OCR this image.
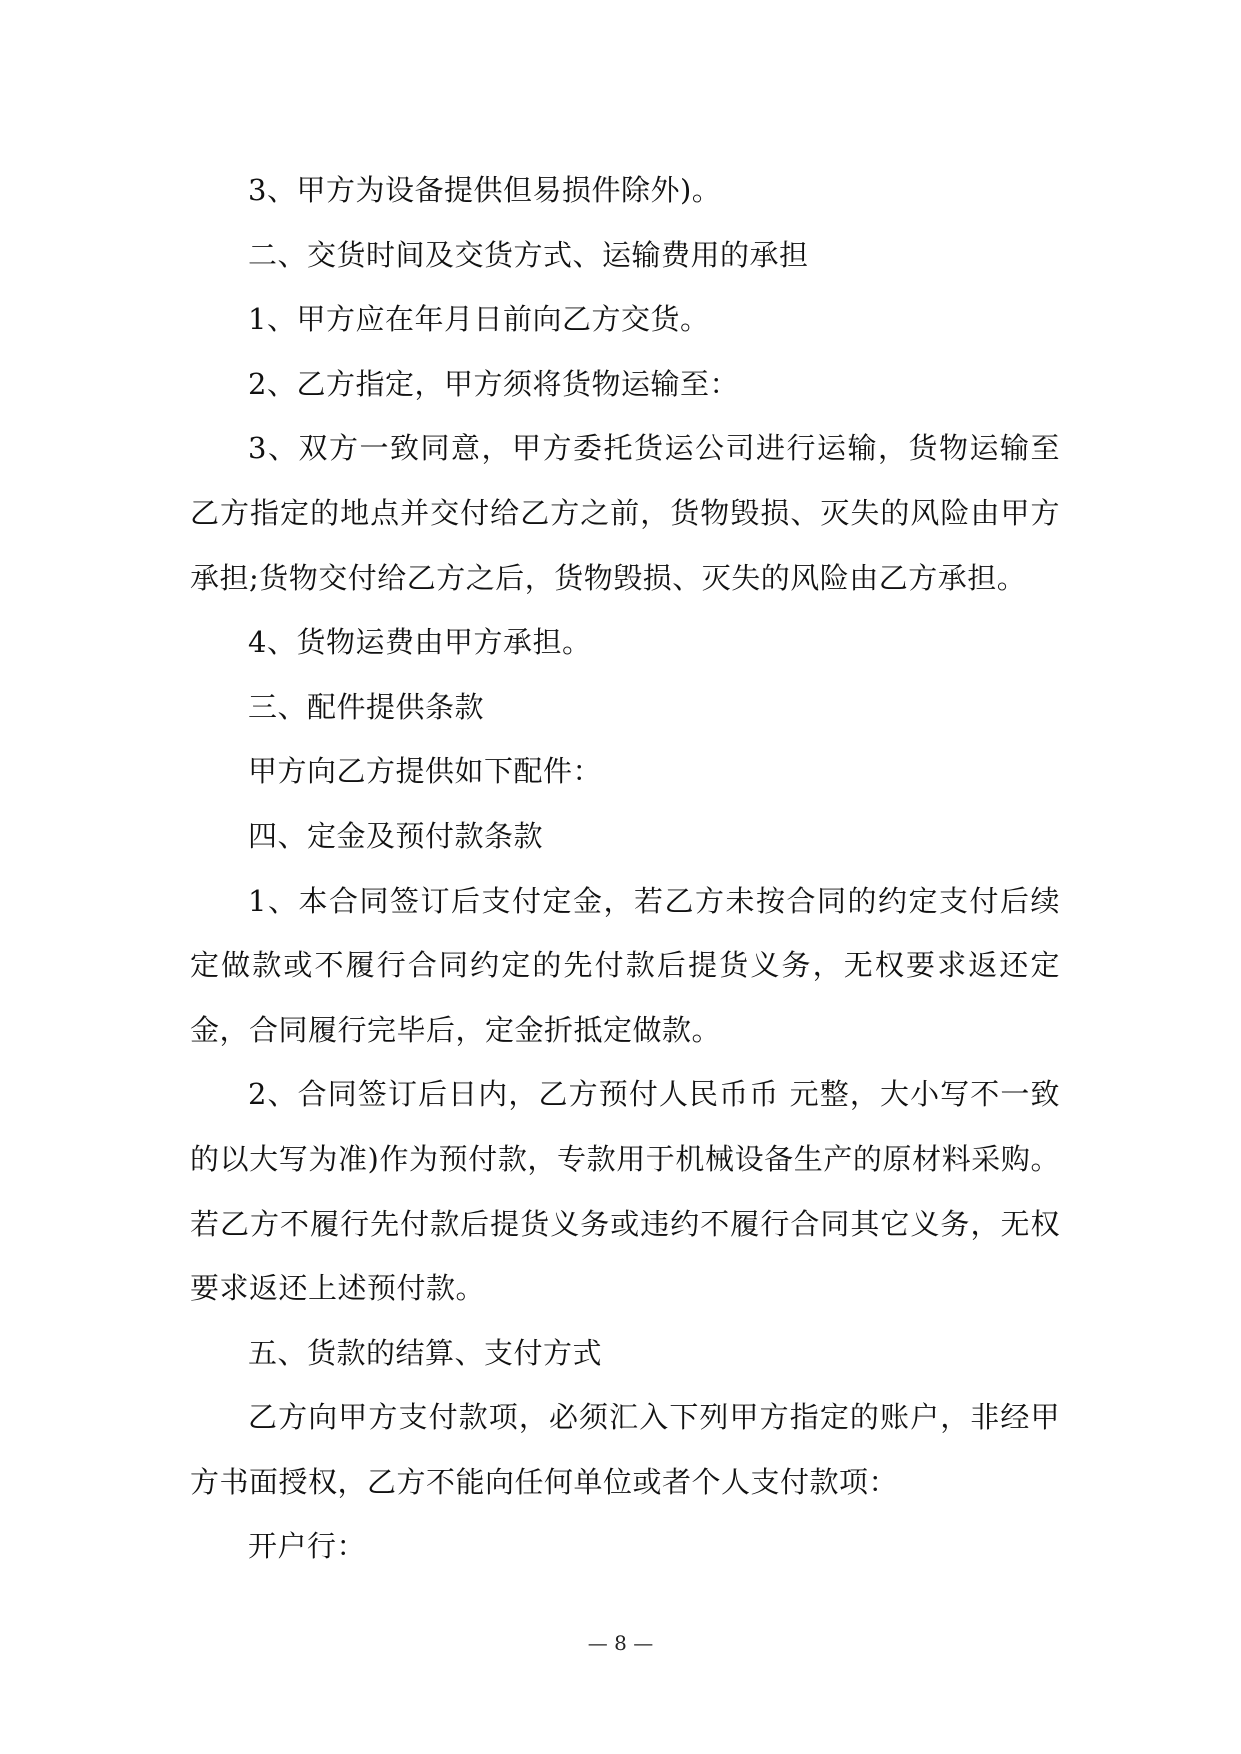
3、甲方为设备提供但易损件除外)。

二、交货时间及交货方式、运输费用的承担

1、甲方应在年月日前向乙方交货。

2、乙方指定，甲方须将货物运输至：

3、双方一致同意，甲方委托货运公司进行运输，货物运输至乙方指定的地点并交付给乙方之前，货物毁损、灭失的风险由甲方承担;货物交付给乙方之后，货物毁损、灭失的风险由乙方承担。

4、货物运费由甲方承担。

三、配件提供条款

甲方向乙方提供如下配件：

四、定金及预付款条款

1、本合同签订后支付定金，若乙方未按合同的约定支付后续定做款或不履行合同约定的先付款后提货义务，无权要求返还定金，合同履行完毕后，定金折抵定做款。

2、合同签订后日内，乙方预付人民币币 元整，大小写不一致的以大写为准)作为预付款，专款用于机械设备生产的原材料采购。若乙方不履行先付款后提货义务或违约不履行合同其它义务，无权要求返还上述预付款。

五、货款的结算、支付方式

乙方向甲方支付款项，必须汇入下列甲方指定的账户，非经甲方书面授权，乙方不能向任何单位或者个人支付款项：

开户行：

— 8 —
